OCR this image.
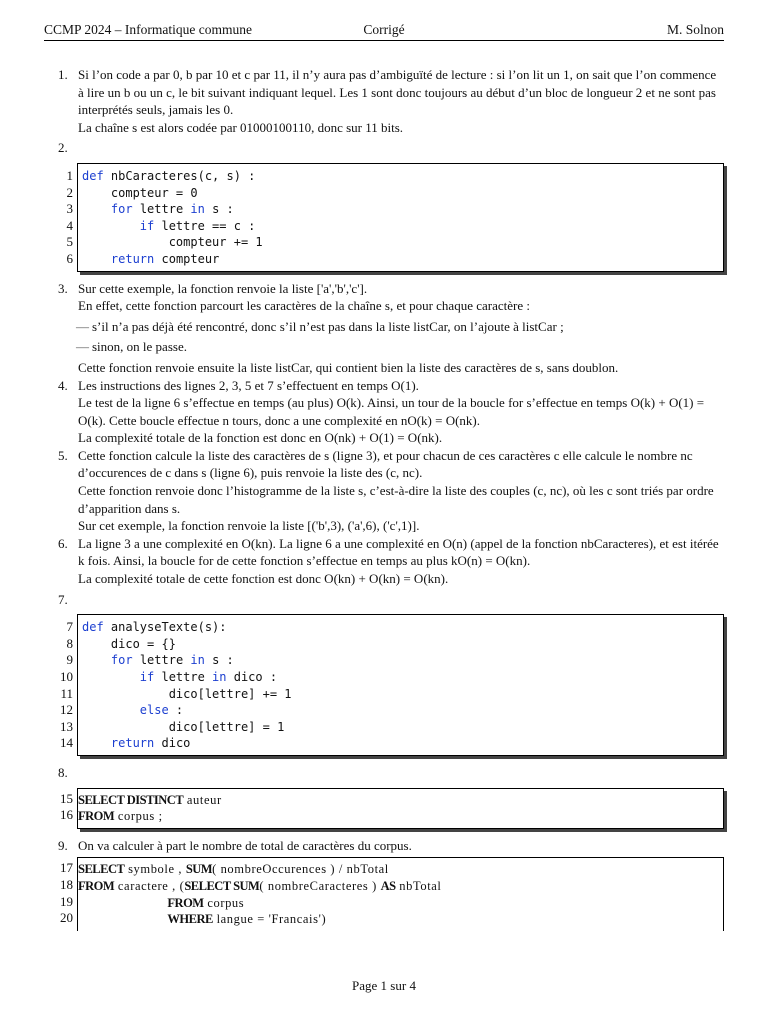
CCMP 2024 – Informatique commune	Corrigé	M. Solnon
1. Si l’on code a par 0, b par 10 et c par 11, il n’y aura pas d’ambiguïté de lecture : si l’on lit un 1, on sait que l’on commence à lire un b ou un c, le bit suivant indiquant lequel. Les 1 sont donc toujours au début d’un bloc de longueur 2 et ne sont pas interprétés seuls, jamais les 0.

La chaîne s est alors codée par 01000100110, donc sur 11 bits.

2.

1
2
3
4
5
6
def nbCaracteres(c, s) :
compteur = 0
for lettre in s :
if lettre == c :
compteur += 1
return compteur
3. Sur cette exemple, la fonction renvoie la liste ['a','b','c'].

En effet, cette fonction parcourt les caractères de la chaîne s, et pour chaque caractère :

— s’il n’a pas déjà été rencontré, donc s’il n’est pas dans la liste listCar, on l’ajoute à listCar ;
— sinon, on le passe.

Cette fonction renvoie ensuite la liste listCar, qui contient bien la liste des caractères de s, sans doublon.

4. Les instructions des lignes 2, 3, 5 et 7 s’effectuent en temps O(1).

Le test de la ligne 6 s’effectue en temps (au plus) O(k). Ainsi, un tour de la boucle for s’effectue en temps O(k) + O(1) = O(k). Cette boucle effectue n tours, donc a une complexité en nO(k) = O(nk).

La complexité totale de la fonction est donc en O(nk) + O(1) = O(nk).

5. Cette fonction calcule la liste des caractères de s (ligne 3), et pour chacun de ces caractères c elle calcule le nombre nc d’occurences de c dans s (ligne 6), puis renvoie la liste des (c, nc).

Cette fonction renvoie donc l’histogramme de la liste s, c’est-à-dire la liste des couples (c, nc), où les c sont triés par ordre d’apparition dans s.

Sur cet exemple, la fonction renvoie la liste [('b',3), ('a',6), ('c',1)].

6. La ligne 3 a une complexité en O(kn). La ligne 6 a une complexité en O(n) (appel de la fonction nbCaracteres), et est itérée k fois. Ainsi, la boucle for de cette fonction s’effectue en temps au plus kO(n) = O(kn).

La complexité totale de cette fonction est donc O(kn) + O(kn) = O(kn).

7.

7
8
9
10
11
12
13
14
def analyseTexte(s):
dico = {}
for lettre in s :
if lettre in dico :
dico[lettre] += 1
else :
dico[lettre] = 1
return dico
8.

15
16
SELECT DISTINCT auteur
FROM corpus ;
9. On va calculer à part le nombre de total de caractères du corpus.

17
18
19
20
SELECT symbole , SUM( nombreOccurences ) / nbTotal
FROM caractere , (SELECT SUM( nombreCaracteres ) AS nbTotal
FROM corpus
WHERE langue = 'Francais')
Page 1 sur 4
